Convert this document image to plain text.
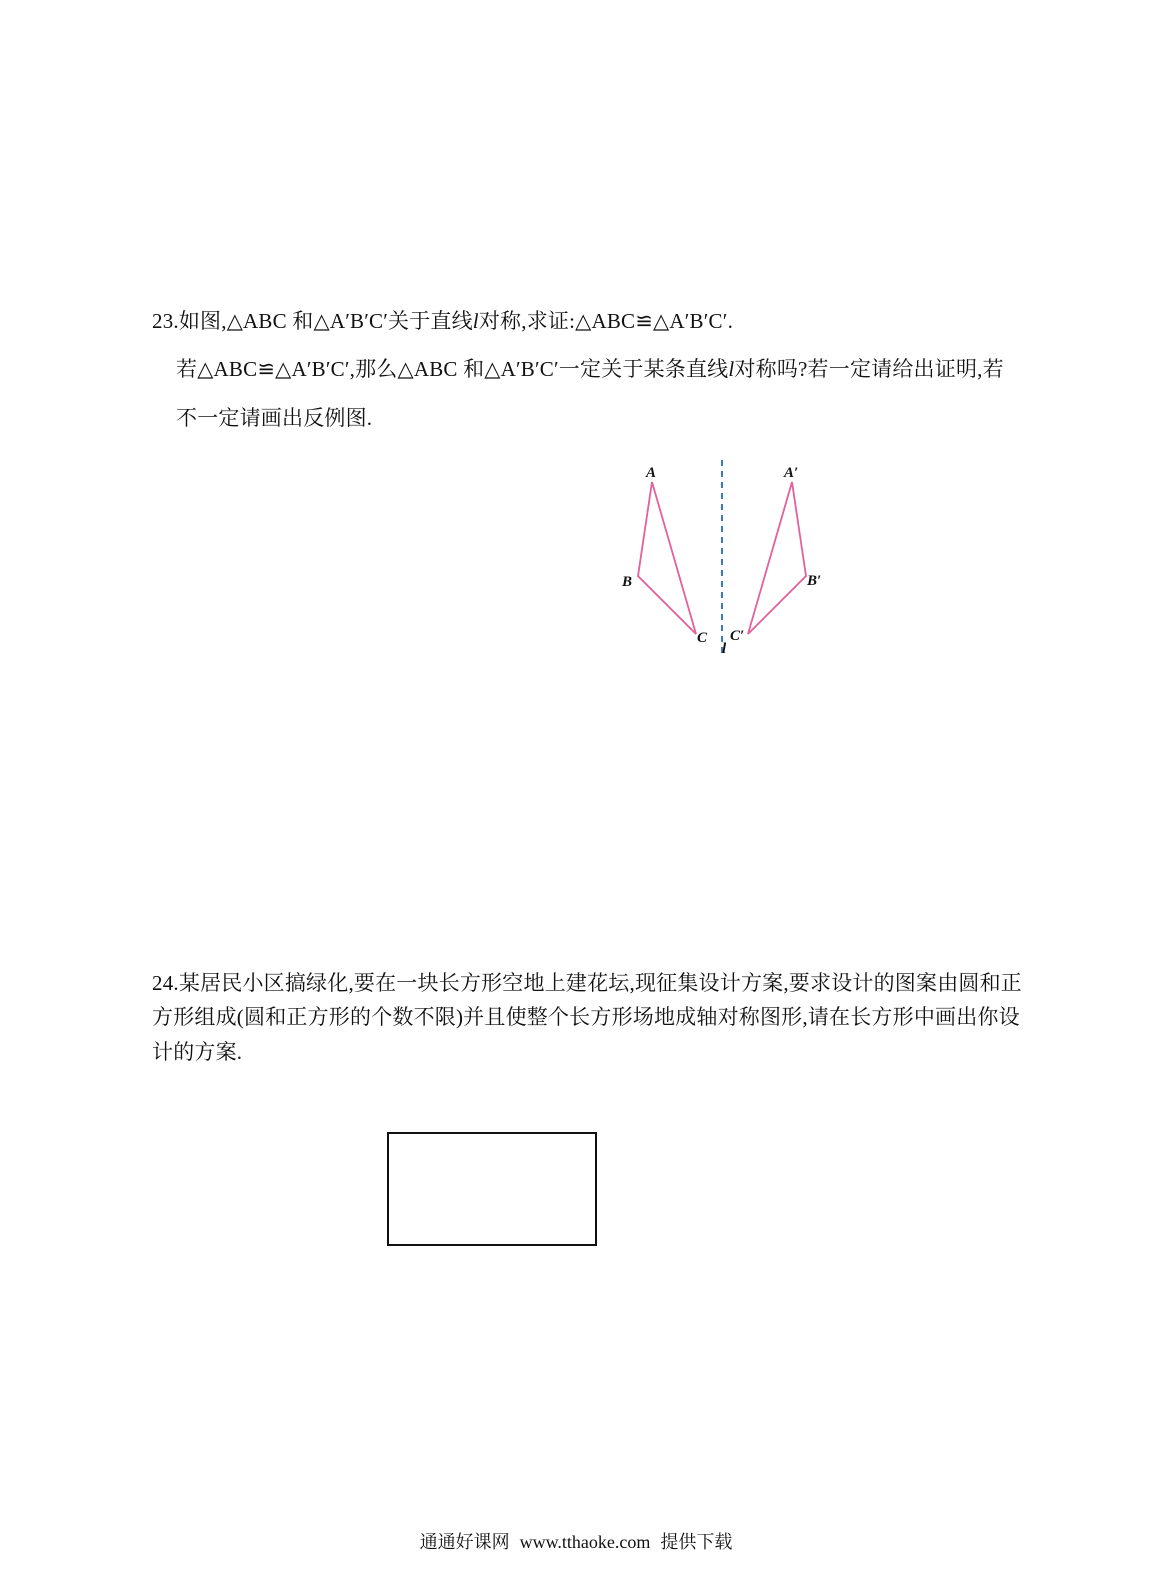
23.如图,△ABC 和△A′B′C′关于直线l对称,求证:△ABC≌△A′B′C′.
若△ABC≌△A′B′C′,那么△ABC 和△A′B′C′一定关于某条直线l对称吗?若一定请给出证明,若
不一定请画出反例图.
A
B
C
A′
B′
C′
l
24.某居民小区搞绿化,要在一块长方形空地上建花坛,现征集设计方案,要求设计的图案由圆和正
方形组成(圆和正方形的个数不限)并且使整个长方形场地成轴对称图形,请在长方形中画出你设
计的方案.
通通好课网 www.tthaoke.com 提供下载
